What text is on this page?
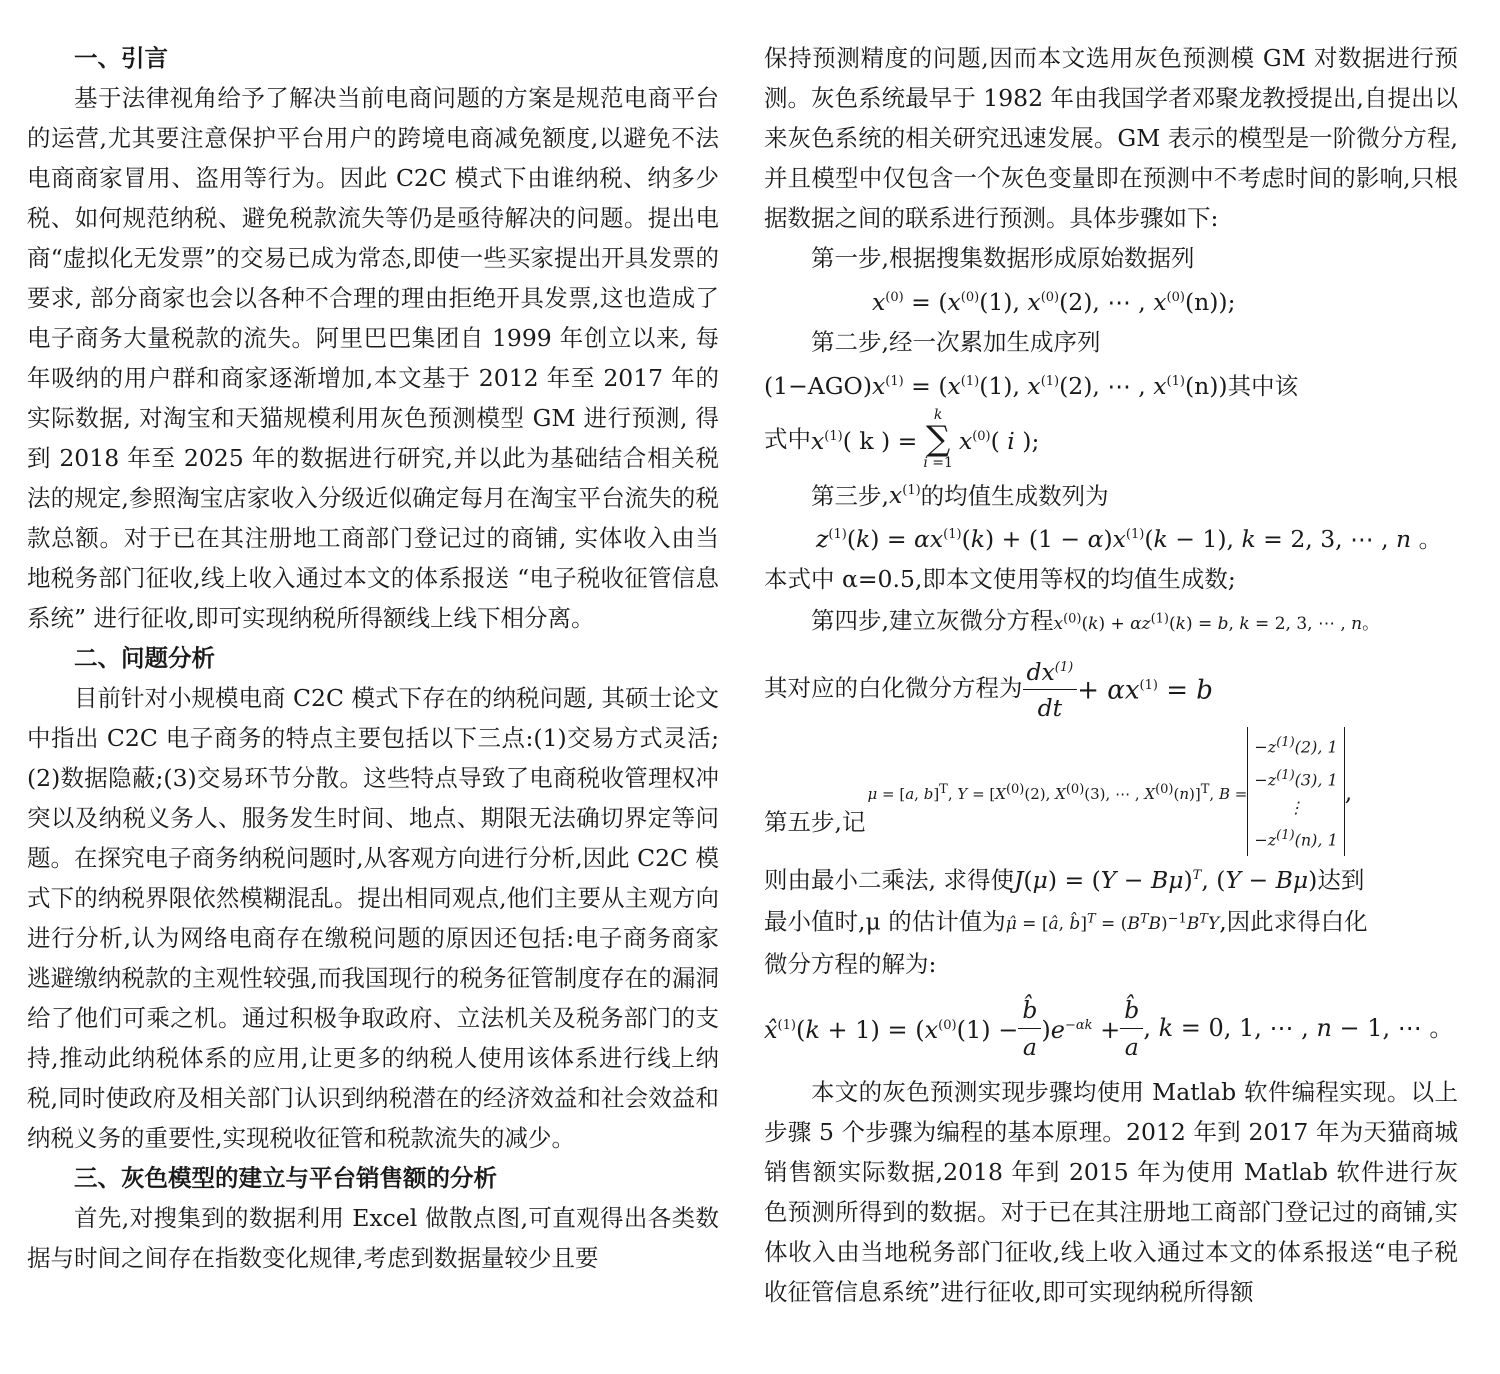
一、引言

基于法律视角给予了解决当前电商问题的方案是规范电商平台的运营,尤其要注意保护平台用户的跨境电商减免额度,以避免不法电商商家冒用、盗用等行为。因此 C2C 模式下由谁纳税、纳多少税、如何规范纳税、避免税款流失等仍是亟待解决的问题。提出电商“虚拟化无发票”的交易已成为常态,即使一些买家提出开具发票的要求, 部分商家也会以各种不合理的理由拒绝开具发票,这也造成了电子商务大量税款的流失。阿里巴巴集团自 1999 年创立以来, 每年吸纳的用户群和商家逐渐增加,本文基于 2012 年至 2017 年的实际数据, 对淘宝和天猫规模利用灰色预测模型 GM 进行预测, 得到 2018 年至 2025 年的数据进行研究,并以此为基础结合相关税法的规定,参照淘宝店家收入分级近似确定每月在淘宝平台流失的税款总额。对于已在其注册地工商部门登记过的商铺, 实体收入由当地税务部门征收,线上收入通过本文的体系报送 “电子税收征管信息系统” 进行征收,即可实现纳税所得额线上线下相分离。

二、问题分析

目前针对小规模电商 C2C 模式下存在的纳税问题, 其硕士论文中指出 C2C 电子商务的特点主要包括以下三点:(1)交易方式灵活;(2)数据隐蔽;(3)交易环节分散。这些特点导致了电商税收管理权冲突以及纳税义务人、服务发生时间、地点、期限无法确切界定等问题。在探究电子商务纳税问题时,从客观方向进行分析,因此 C2C 模式下的纳税界限依然模糊混乱。提出相同观点,他们主要从主观方向进行分析,认为网络电商存在缴税问题的原因还包括:电子商务商家逃避缴纳税款的主观性较强,而我国现行的税务征管制度存在的漏洞给了他们可乘之机。通过积极争取政府、立法机关及税务部门的支持,推动此纳税体系的应用,让更多的纳税人使用该体系进行线上纳税,同时使政府及相关部门认识到纳税潜在的经济效益和社会效益和纳税义务的重要性,实现税收征管和税款流失的减少。

三、灰色模型的建立与平台销售额的分析

首先,对搜集到的数据利用 Excel 做散点图,可直观得出各类数据与时间之间存在指数变化规律,考虑到数据量较少且要

保持预测精度的问题,因而本文选用灰色预测模 GM 对数据进行预测。灰色系统最早于 1982 年由我国学者邓聚龙教授提出,自提出以来灰色系统的相关研究迅速发展。GM 表示的模型是一阶微分方程,并且模型中仅包含一个灰色变量即在预测中不考虑时间的影响,只根据数据之间的联系进行预测。具体步骤如下:

第一步,根据搜集数据形成原始数据列

$x^{(0)} = (x^{(0)}(1)$, $x^{(0)}(2)$, ⋯ , $x^{(0)}(n)$);

第二步,经一次累加生成序列

$(1-AGO)x^{(1)} = (x^{(1)}(1)$, $x^{(1)}(2)$, ⋯ , $x^{(1)}(n)$)其中该

式中 $x^{(1)}$( k ) =
k
∑
i =1
$x^{(0)}$( i );

第三步$,x^{(1)}$的均值生成数列为

$z^{(1)}(k) = \alpha x^{(1)}(k) + (1 - \alpha)x^{(1)}(k - 1)$, k = 2, 3, ⋯ , n 。

本式中 α=0.5,即本文使用等权的均值生成数;

第四步,建立灰微分方程$x^{(0)}(k) + \alpha z^{(1)}(k) = b$, k = 2, 3, ⋯ , n。

其对应的白化微分方程为 $\frac{dx^{(1)}}{dt} + \alpha x^{(1)} = b$
第五步,记
μ = [a, b]$^T$, $Y = [X^{(0)}(2)$, $X^{(0)}(3)$, ⋯ , $X^{(0)}(n)]^T$, B =
$-z^{(1)}(2)$, 1
$-z^{(1)}(3)$, 1
⋮
$-z^{(1)}(n)$, 1
,

则由最小二乘法, 求得使$J(\mu) = (Y - B\mu)^T$, (Y − Bμ)达到

最小值时,μ 的估计值为μ̂ = [â, b̂]$^T$ = $(B^TB)^{-1}B^TY$,因此求得白化

微分方程的解为:

x̂$^{(1)}$(k + $1) = (x^{(0)}(1) - \frac{b̂}{a} )e^{-\alpha k} + \frac{b̂}{a}$ , k = 0, 1, ⋯ , n − 1, ⋯ 。

本文的灰色预测实现步骤均使用 Matlab 软件编程实现。以上步骤 5 个步骤为编程的基本原理。2012 年到 2017 年为天猫商城销售额实际数据,2018 年到 2015 年为使用 Matlab 软件进行灰色预测所得到的数据。对于已在其注册地工商部门登记过的商铺,实体收入由当地税务部门征收,线上收入通过本文的体系报送“电子税收征管信息系统”进行征收,即可实现纳税所得额
